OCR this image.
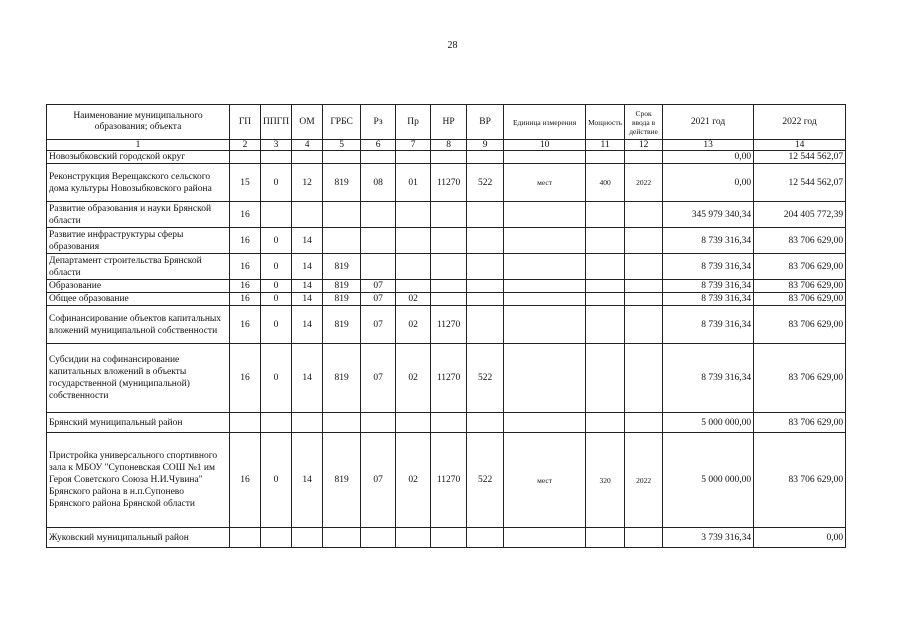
28
Наименование муниципального образования; объекта	ГП	ППГП	ОМ	ГРБС	Рз	Пр	НР	ВР	Единица измерения	Мощность	Срок ввода в действие	2021 год	2022 год
1	2	3	4	5	6	7	8	9	10	11	12	13	14
Новозыбковский городской округ												0,00	12 544 562,07
Реконструкция Верещакского сельского дома культуры Новозыбковского района	15	0	12	819	08	01	11270	522	мест	400	2022	0,00	12 544 562,07
Развитие образования и науки Брянской области	16											345 979 340,34	204 405 772,39
Развитие инфраструктуры сферы образования	16	0	14									8 739 316,34	83 706 629,00
Департамент строительства Брянской области	16	0	14	819								8 739 316,34	83 706 629,00
Образование	16	0	14	819	07							8 739 316,34	83 706 629,00
Общее образование	16	0	14	819	07	02						8 739 316,34	83 706 629,00
Софинансирование объектов капитальных вложений муниципальной собственности	16	0	14	819	07	02	11270					8 739 316,34	83 706 629,00
Субсидии на софинансирование капитальных вложений в объекты государственной (муниципальной) собственности	16	0	14	819	07	02	11270	522				8 739 316,34	83 706 629,00
Брянский муниципальный район												5 000 000,00	83 706 629,00
Пристройка универсального спортивного зала к МБОУ "Супоневская СОШ №1 им Героя Советского Союза Н.И.Чувина" Брянского района в н.п.Супонево Брянского района Брянской области	16	0	14	819	07	02	11270	522	мест	320	2022	5 000 000,00	83 706 629,00
Жуковский муниципальный район												3 739 316,34	0,00
